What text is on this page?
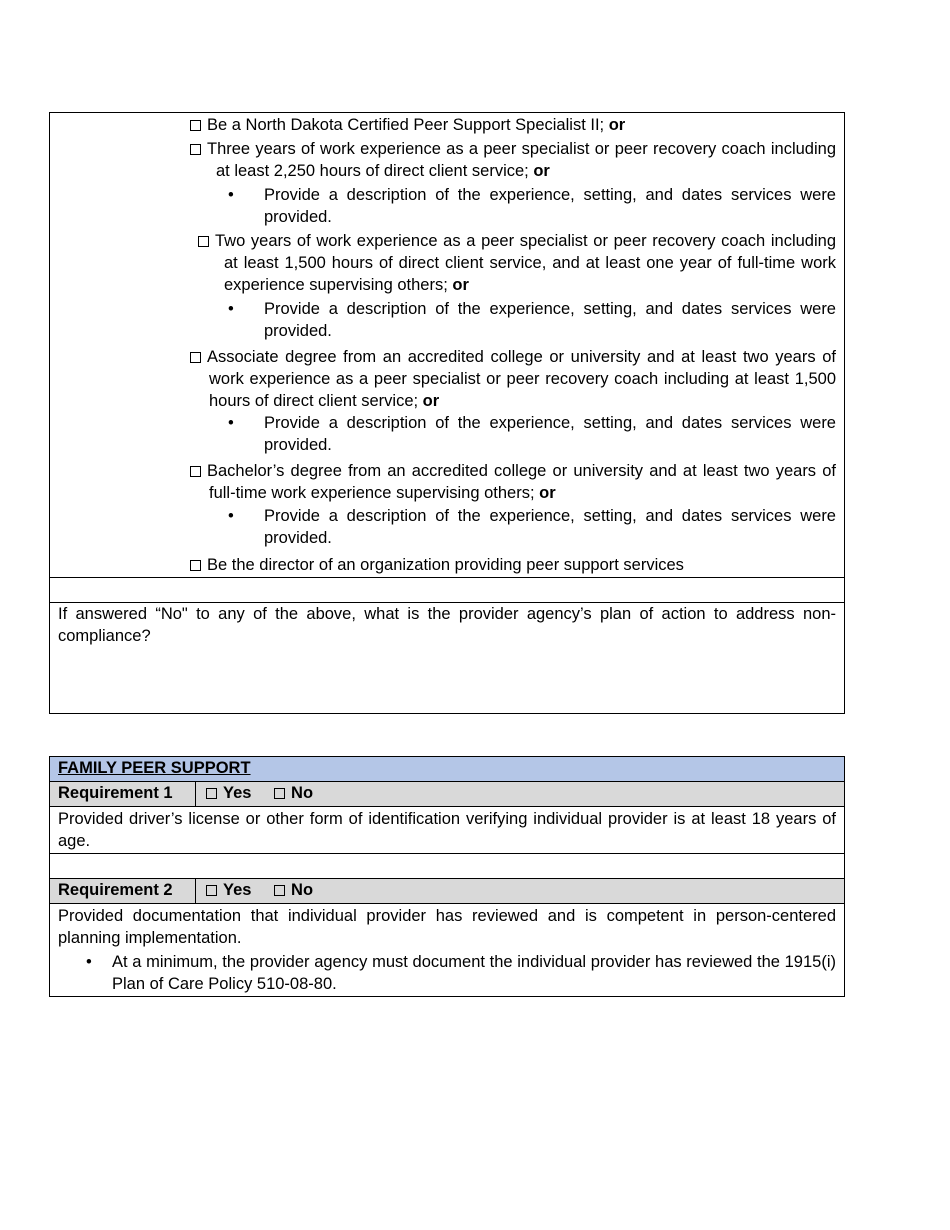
Be a North Dakota Certified Peer Support Specialist II; or
Three years of work experience as a peer specialist or peer recovery coach including at least 2,250 hours of direct client service; or
• Provide a description of the experience, setting, and dates services were provided.
Two years of work experience as a peer specialist or peer recovery coach including at least 1,500 hours of direct client service, and at least one year of full-time work experience supervising others; or
• Provide a description of the experience, setting, and dates services were provided.
Associate degree from an accredited college or university and at least two years of work experience as a peer specialist or peer recovery coach including at least 1,500 hours of direct client service; or
• Provide a description of the experience, setting, and dates services were provided.
Bachelor’s degree from an accredited college or university and at least two years of full-time work experience supervising others; or
• Provide a description of the experience, setting, and dates services were provided.
Be the director of an organization providing peer support services
If answered “No" to any of the above, what is the provider agency’s plan of action to address non-compliance?
FAMILY PEER SUPPORT
Requirement 1	Yes No
Provided driver’s license or other form of identification verifying individual provider is at least 18 years of age.
Requirement 2	Yes No
Provided documentation that individual provider has reviewed and is competent in person-centered planning implementation.
• At a minimum, the provider agency must document the individual provider has reviewed the 1915(i) Plan of Care Policy 510-08-80.
